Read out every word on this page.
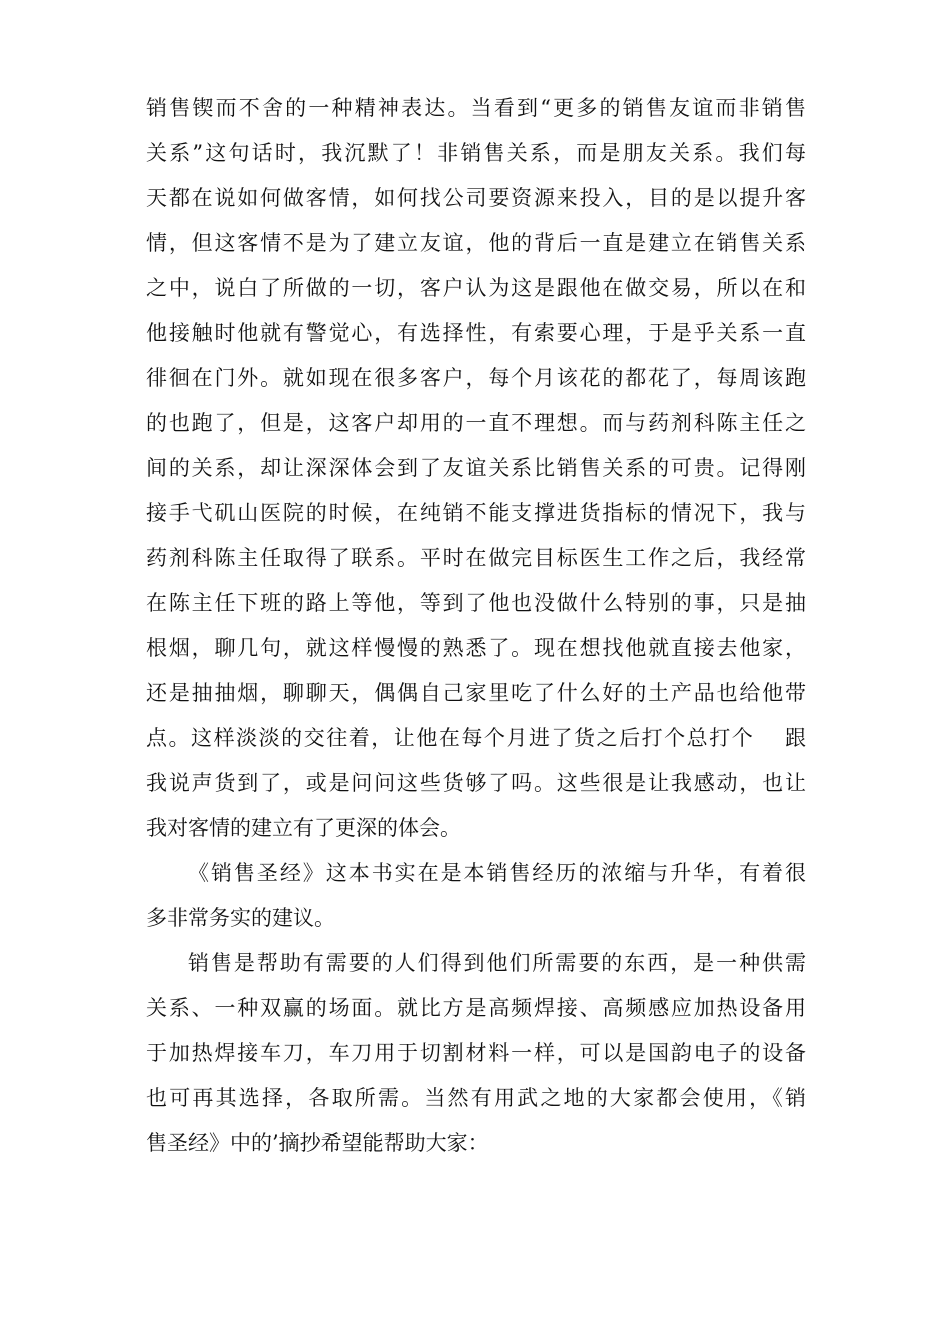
销售锲而不舍的一种精神表达。当看到“更多的销售友谊而非销售
关系”这句话时，我沉默了！非销售关系，而是朋友关系。我们每
天都在说如何做客情，如何找公司要资源来投入，目的是以提升客
情，但这客情不是为了建立友谊，他的背后一直是建立在销售关系
之中，说白了所做的一切，客户认为这是跟他在做交易，所以在和
他接触时他就有警觉心，有选择性，有索要心理，于是乎关系一直
徘徊在门外。就如现在很多客户，每个月该花的都花了，每周该跑
的也跑了，但是，这客户却用的一直不理想。而与药剂科陈主任之
间的关系，却让深深体会到了友谊关系比销售关系的可贵。记得刚
接手弋矶山医院的时候，在纯销不能支撑进货指标的情况下，我与
药剂科陈主任取得了联系。平时在做完目标医生工作之后，我经常
在陈主任下班的路上等他，等到了他也没做什么特别的事，只是抽
根烟，聊几句，就这样慢慢的熟悉了。现在想找他就直接去他家，
还是抽抽烟，聊聊天，偶偶自己家里吃了什么好的土产品也给他带
点。这样淡淡的交往着，让他在每个月进了货之后打个总打个　 跟
我说声货到了，或是问问这些货够了吗。这些很是让我感动，也让
我对客情的建立有了更深的体会。
《销售圣经》这本书实在是本销售经历的浓缩与升华，有着很
多非常务实的建议。
销售是帮助有需要的人们得到他们所需要的东西，是一种供需
关系、一种双赢的场面。就比方是高频焊接、高频感应加热设备用
于加热焊接车刀，车刀用于切割材料一样，可以是国韵电子的设备
也可再其选择，各取所需。当然有用武之地的大家都会使用，《销
售圣经》中的’摘抄希望能帮助大家：
